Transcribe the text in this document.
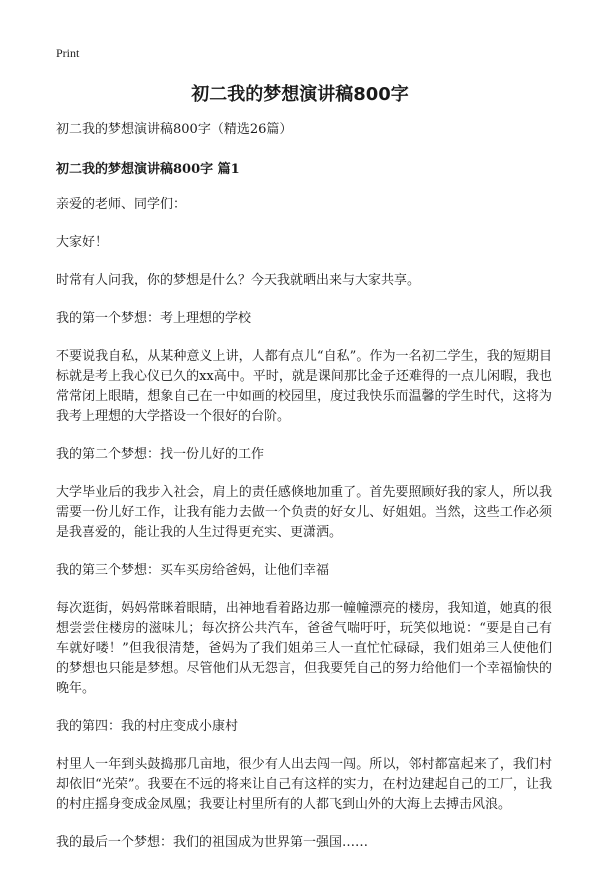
Print
初二我的梦想演讲稿800字

初二我的梦想演讲稿800字（精选26篇）

初二我的梦想演讲稿800字 篇1

亲爱的老师、同学们：

大家好！

时常有人问我，你的梦想是什么？今天我就晒出来与大家共享。

我的第一个梦想：考上理想的学校

不要说我自私，从某种意义上讲，人都有点儿“自私”。作为一名初二学生，我的短期目标就是考上我心仪已久的xx高中。平时，就是课间那比金子还难得的一点儿闲暇，我也常常闭上眼睛，想象自己在一中如画的校园里，度过我快乐而温馨的学生时代，这将为我考上理想的大学搭设一个很好的台阶。

我的第二个梦想：找一份儿好的工作

大学毕业后的我步入社会，肩上的责任感倏地加重了。首先要照顾好我的家人，所以我需要一份儿好工作，让我有能力去做一个负责的好女儿、好姐姐。当然，这些工作必须是我喜爱的，能让我的人生过得更充实、更潇洒。

我的第三个梦想：买车买房给爸妈，让他们幸福

每次逛街，妈妈常眯着眼睛，出神地看着路边那一幢幢漂亮的楼房，我知道，她真的很想尝尝住楼房的滋味儿；每次挤公共汽车，爸爸气喘吁吁，玩笑似地说：“要是自己有车就好喽！”但我很清楚，爸妈为了我们姐弟三人一直忙忙碌碌，我们姐弟三人使他们的梦想也只能是梦想。尽管他们从无怨言，但我要凭自己的努力给他们一个幸福愉快的晚年。

我的第四：我的村庄变成小康村

村里人一年到头鼓捣那几亩地，很少有人出去闯一闯。所以，邻村都富起来了，我们村却依旧“光荣”。我要在不远的将来让自己有这样的实力，在村边建起自己的工厂，让我的村庄摇身变成金凤凰；我要让村里所有的人都飞到山外的大海上去搏击风浪。

我的最后一个梦想：我们的祖国成为世界第一强国……
